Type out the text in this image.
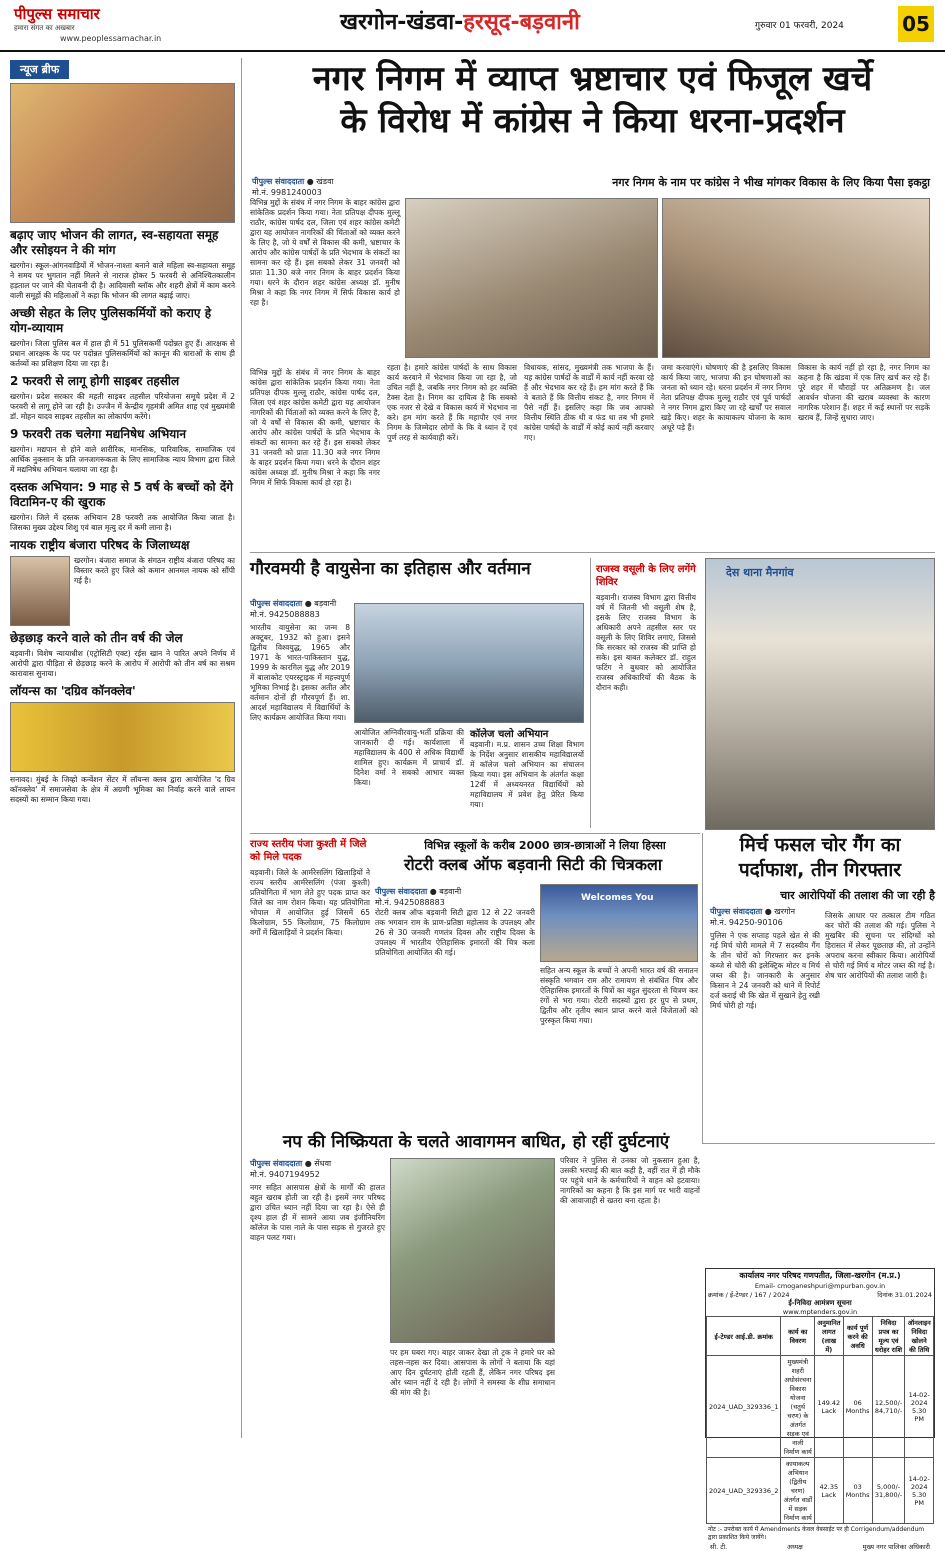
पीपुल्स समाचार
हमारा संगत का अखबार
www.peoplessamachar.in
खरगोन-खंडवा-हरसूद-बड़वानी	गुरुवार 01 फरवरी, 2024	05
न्यूज ब्रीफ
बढ़ाए जाए भोजन की लागत, स्व-सहायता समूह और रसोइयन ने की मांग
खरगोन। स्कूल-आंगनवाड़ियों में भोजन-नाश्ता बनाने वाले महिला स्व-सहायता समूह ने समय पर भुगतान नहीं मिलने से नाराज होकर 5 फरवरी से अनिश्चितकालीन हड़ताल पर जाने की चेतावनी दी है। आदिवासी ब्लॉक और शहरी क्षेत्रों में काम करने वाली समूहों की महिलाओं ने कहा कि भोजन की लागत बढ़ाई जाए।
अच्छी सेहत के लिए पुलिसकर्मियों को कराए हे योग-व्यायाम
खरगोन। जिला पुलिस बल में हाल ही में 51 पुलिसकर्मी पदोन्नत हुए हैं। आरक्षक से प्रधान आरक्षक के पद पर पदोन्नत पुलिसकर्मियों को कानून की धाराओं के साथ ही कर्तव्यों का प्रशिक्षण दिया जा रहा है।
2 फरवरी से लागू होगी साइबर तहसील
खरगोन। प्रदेश सरकार की महती साइबर तहसील परियोजना समूचे प्रदेश में 2 फरवरी से लागू होने जा रही है। उज्जैन में केन्द्रीय गृहमंत्री अमित शाह एवं मुख्यमंत्री डॉ. मोहन यादव साइबर तहसील का लोकार्पण करेंगे।
9 फरवरी तक चलेगा मद्यनिषेध अभियान
खरगोन। मद्यपान से होने वाले शारीरिक, मानसिक, पारिवारिक, सामाजिक एवं आर्थिक नुकसान के प्रति जनजागरूकता के लिए सामाजिक न्याय विभाग द्वारा जिले में मद्यनिषेध अभियान चलाया जा रहा है।
दस्तक अभियान: 9 माह से 5 वर्ष के बच्चों को देंगे विटामिन-ए की खुराक
खरगोन। जिले में दस्तक अभियान 28 फरवरी तक आयोजित किया जाता है। जिसका मुख्य उद्देश्य शिशु एवं बाल मृत्यु दर में कमी लाना है।
नायक राष्ट्रीय बंजारा परिषद के जिलाध्यक्ष
खरगोन। बंजारा समाज के संगठन राष्ट्रीय बंजारा परिषद का विस्तार करते हुए जिले को कमान आनमल नायक को सौंपी गई है।
छेड़छाड़ करने वाले को तीन वर्ष की जेल
बड़वानी। विशेष न्यायाधीश (एट्रोसिटी एक्ट) रईस खान ने पारित अपने निर्णय में आरोपी द्वारा पीड़िता से छेड़छाड़ करने के आरोप में आरोपी को तीन वर्ष का सश्रम कारावास सुनाया।
लॉयन्स का 'दग्रिव कॉनक्लेव'
सनावद। मुंबई के जिव्हो कन्वेंशन सेंटर में लॉयन्स क्लब द्वारा आयोजित 'द ग्रिव कॉनक्लेव' में समाजसेवा के क्षेत्र में अग्रणी भूमिका का निर्वाह करने वाले लायन सदस्यों का सम्मान किया गया।
नगर निगम में व्याप्त भ्रष्टाचार एवं फिजूल खर्चे
के विरोध में कांग्रेस ने किया धरना-प्रदर्शन
पीपुल्स संवाददाता ● खंडवा
मो.नं. 9981240003
नगर निगम के नाम पर कांग्रेस ने भीख मांगकर विकास के लिए किया पैसा इकट्ठा
विभिन्न मुद्दों के संबंध में नगर निगम के बाहर कांग्रेस द्वारा सांकेतिक प्रदर्शन किया गया। नेता प्रतिपक्ष दीपक मुल्लू राठौर, कांग्रेस पार्षद दल, जिला एवं शहर कांग्रेस कमेटी द्वारा यह आयोजन नागरिकों की चिंताओं को व्यक्त करने के लिए है, जो ये वर्षों से विकास की कमी, भ्रष्टाचार के आरोप और कांग्रेस पार्षदों के प्रति भेदभाव के संकटों का सामना कर रहे हैं। इस सबको लेकर 31 जनवरी को प्रातः 11.30 बजे नगर निगम के बाहर प्रदर्शन किया गया। धरने के दौरान शहर कांग्रेस अध्यक्ष डॉ. मुनीष मिश्रा ने कहा कि नगर निगम में सिर्फ विकास कार्य हो रहा है।
विभिन्न मुद्दों के संबंध में नगर निगम के बाहर कांग्रेस द्वारा सांकेतिक प्रदर्शन किया गया। नेता प्रतिपक्ष दीपक मुल्लू राठौर, कांग्रेस पार्षद दल, जिला एवं शहर कांग्रेस कमेटी द्वारा यह आयोजन नागरिकों की चिंताओं को व्यक्त करने के लिए है, जो ये वर्षों से विकास की कमी, भ्रष्टाचार के आरोप और कांग्रेस पार्षदों के प्रति भेदभाव के संकटों का सामना कर रहे हैं। इस सबको लेकर 31 जनवरी को प्रातः 11.30 बजे नगर निगम के बाहर प्रदर्शन किया गया। धरने के दौरान शहर कांग्रेस अध्यक्ष डॉ. मुनीष मिश्रा ने कहा कि नगर निगम में सिर्फ विकास कार्य हो रहा है।
रहता है। हमारे कांग्रेस पार्षदों के साथ विकास कार्य करवाने में भेदभाव किया जा रहा है, जो उचित नहीं है, जबकि नगर निगम को हर व्यक्ति टैक्स देता है। निगम का दायित्व है कि सबको एक नजर से देखे व विकास कार्य में भेदभाव ना करे। हम मांग करते हैं कि महापौर एवं नगर निगम के जिम्मेदार लोगों के कि वे ध्यान दें एवं पूर्ण तरह से कार्यवाही करें।
विधायक, सांसद, मुख्यमंत्री तक भाजपा के हैं। यह कांग्रेस पार्षदों के वार्डों में कार्य नहीं करवा रहे हैं और भेदभाव कर रहे हैं। हम मांग करते हैं कि वे बताते हैं कि वित्तीय संकट है, नगर निगम में पैसे नहीं हैं। इसलिए कहा कि जब आपको वित्तीय स्थिति ठीक थी व फंड था तब भी हमारे कांग्रेस पार्षदों के वार्डों में कोई कार्य नहीं करवाए गए।
जमा करवाएंगे। घोषणाएं की है इसलिए विकास कार्य किया जाए, भाजपा की इन घोषणाओं का जनता को ध्यान रहे। धरना प्रदर्शन में नगर निगम नेता प्रतिपक्ष दीपक मुल्लू राठौर एवं पूर्व पार्षदों ने नगर निगम द्वारा किए जा रहे खर्चों पर सवाल खड़े किए। शहर के कायाकल्प योजना के काम अधूरे पड़े हैं।
विकास के कार्य नहीं हो रहा है, नगर निगम का कहना है कि खंडवा में एक लिए खर्च कर रहे हैं। पूरे शहर में चौराहों पर अतिक्रमण है। जल आवर्धन योजना की खराब व्यवस्था के कारण नागरिक परेशान हैं। शहर में कई स्थानों पर सड़कें खराब हैं, जिन्हें सुधारा जाए।
गौरवमयी है वायुसेना का इतिहास और वर्तमान
पीपुल्स संवाददाता ● बड़वानी
मो.नं. 9425088883
भारतीय वायुसेना का जन्म 8 अक्टूबर, 1932 को हुआ। इसने द्वितीय विश्वयुद्ध, 1965 और 1971 के भारत-पाकिस्तान युद्ध, 1999 के कारगिल युद्ध और 2019 में बालाकोट एयरस्ट्राइक में महत्त्वपूर्ण भूमिका निभाई है। इसका अतीत और वर्तमान दोनों ही गौरवपूर्ण हैं। शा. आदर्श महाविद्यालय में विद्यार्थियों के लिए कार्यक्रम आयोजित किया गया।
आयोजित अग्निवीरवायु-भर्ती प्रक्रिया की जानकारी दी गई। कार्यशाला में महाविद्यालय के 400 से अधिक विद्यार्थी शामिल हुए। कार्यक्रम में प्राचार्य डॉ. दिनेश वर्मा ने सबको आभार व्यक्त किया।
कॉलेज चलो अभियान
बड़वानी। म.प्र. शासन उच्च शिक्षा विभाग के निर्देश अनुसार शासकीय महाविद्यालयों में कॉलेज चलो अभियान का संचालन किया गया। इस अभियान के अंतर्गत कक्षा 12वीं में अध्ययनरत विद्यार्थियों को महाविद्यालय में प्रवेश हेतु प्रेरित किया गया।
राजस्व वसूली के लिए लगेंगे शिविर
बड़वानी। राजस्व विभाग द्वारा वित्तीय वर्ष में जितनी भी वसूली शेष है, इसके लिए राजस्व विभाग के अधिकारी अपने तहसील स्तर पर वसूली के लिए शिविर लगाएं, जिससे कि सरकार को राजस्व की प्राप्ति हो सके। इस बाबत कलेक्टर डॉ. राहुल फटिंग ने बुधवार को आयोजित राजस्व अधिकारियों की बैठक के दौरान कही।
देस थाना मैनगांव
मिर्च फसल चोर गैंग का
पर्दाफाश, तीन गिरफ्तार
चार आरोपियों की तलाश की जा रही है
पीपुल्स संवाददाता ● खरगोन
मो.नं. 94250-90106
पुलिस ने एक सप्ताह पहले खेत से की गई मिर्च चोरी मामले में 7 सदस्यीय गैंग के तीन चोरों को गिरफ्तार कर इनके कब्जे से चोरी की इलेक्ट्रिक मोटर व मिर्च जब्त की है। जानकारी के अनुसार किसान ने 24 जनवरी को थाने में रिपोर्ट दर्ज कराई थी कि खेत में सुखाने हेतु रखी मिर्च चोरी हो गई।
जिसके आधार पर तत्काल टीम गठित कर चोरों की तलाश की गई। पुलिस ने मुखबिर की सूचना पर संदिग्धों को हिरासत में लेकर पूछताछ की, तो उन्होंने अपराध करना स्वीकार किया। आरोपियों से चोरी गई मिर्च व मोटर जब्त की गई है। शेष चार आरोपियों की तलाश जारी है।
राज्य स्तरीय पंजा कुश्ती में जिले को मिले पदक
बड़वानी। जिले के आर्मरेसलिंग खिलाड़ियों ने राज्य स्तरीय आर्मरेसलिंग (पंजा कुश्ती) प्रतियोगिता में भाग लेते हुए पदक प्राप्त कर जिले का नाम रोशन किया। यह प्रतियोगिता भोपाल में आयोजित हुई जिसमें 65 किलोग्राम, 55 किलोग्राम, 75 किलोग्राम वर्गों में खिलाड़ियों ने प्रदर्शन किया।
विभिन्न स्कूलों के करीब 2000 छात्र-छात्राओं ने लिया हिस्सा
रोटरी क्लब ऑफ बड़वानी सिटी की चित्रकला
पीपुल्स संवाददाता ● बड़वानी
मो.नं. 9425088883	Welcomes You
रोटरी क्लब ऑफ बड़वानी सिटी द्वारा 12 से 22 जनवरी तक भगवान राम के प्राण-प्रतिष्ठा महोत्सव के उपलक्ष्य और 26 से 30 जनवरी गणतंत्र दिवस और राष्ट्रीय दिवस के उपलक्ष्य में भारतीय ऐतिहासिक इमारतों की चित्र कला प्रतियोगिता आयोजित की गई।
सहित अन्य स्कूल के बच्चों ने अपनी भारत वर्ष की सनातन संस्कृति भगवान राम और रामायण से संबंधित चित्र और ऐतिहासिक इमारतों के चित्रों का बहुत सुंदरता से चित्रण कर रंगों से भरा गया। रोटरी सदस्यों द्वारा हर ग्रुप से प्रथम, द्वितीय और तृतीय स्थान प्राप्त करने वाले विजेताओं को पुरस्कृत किया गया।
नप की निष्क्रियता के चलते आवागमन बाधित, हो रहीं दुर्घटनाएं
पीपुल्स संवाददाता ● सेंधवा
मो.नं. 9407194952
नगर सहित आसपास क्षेत्रों के मार्गों की हालत बहुत खराब होती जा रही है। इसमें नगर परिषद द्वारा उचित ध्यान नहीं दिया जा रहा है। ऐसे ही दृश्य हाल ही में सामने आया जब इंजीनियरिंग कॉलेज के पास नाले के पास सड़क से गुजरते हुए वाहन पलट गया।
पर हम घबरा गए। बाहर जाकर देखा तो ट्रक ने हमारे घर को तहस-नहस कर दिया। आसपास के लोगों ने बताया कि यहां आए दिन दुर्घटनाएं होती रहती हैं, लेकिन नगर परिषद इस ओर ध्यान नहीं दे रही है। लोगों ने समस्या के शीघ्र समाधान की मांग की है।
परिवार ने पुलिस से उनका जो नुकसान हुआ है, उसकी भरपाई की बात कही है, वहीं रात में ही मौके पर पहुंचे थाने के कर्मचारियों ने वाहन को हटवाया। नागरिकों का कहना है कि इस मार्ग पर भारी वाहनों की आवाजाही से खतरा बना रहता है।
कार्यालय नगर परिषद गणपतीत, जिला-खरगोन (म.प्र.)
Email- cmoganeshpuri@mpurban.gov.in
क्रमांक / ई-टेण्डर / 167 / 2024	दिनांक 31.01.2024
ई-निविदा आमंत्रण सूचना
www.mptenders.gov.in
ई-टेण्डर आई.डी. क्रमांक	कार्य का विवरण	अनुमानित लागत (लाख में)	कार्य पूर्ण करने की अवधि	निविदा प्रपत्र का मूल्य एवं धरोहर राशि	ऑनलाइन निविदा खोलने की तिथि
2024_UAD_329336_1	मुख्यमंत्री शहरी अधोसंरचना विकास योजना (चतुर्थ चरण) के अंतर्गत सड़क एवं नाली निर्माण कार्य	149.42 Lack	06 Months	12,500/- 84,710/-	14-02-2024 5.30 PM
2024_UAD_329336_2	कायाकल्प अभियान (द्वितीय चरण) अंतर्गत वार्डों में सड़क निर्माण कार्य	42.35 Lack	03 Months	5,000/- 31,800/-	14-02-2024 5.30 PM
नोट :- उपरोक्त कार्य में Amendments केवल वेबसाईट पर ही Corrigendum/addendum द्वारा प्रकाशित किये जायेंगे।
सी. टी.	अध्यक्ष	मुख्य नगर पालिका अधिकारी
